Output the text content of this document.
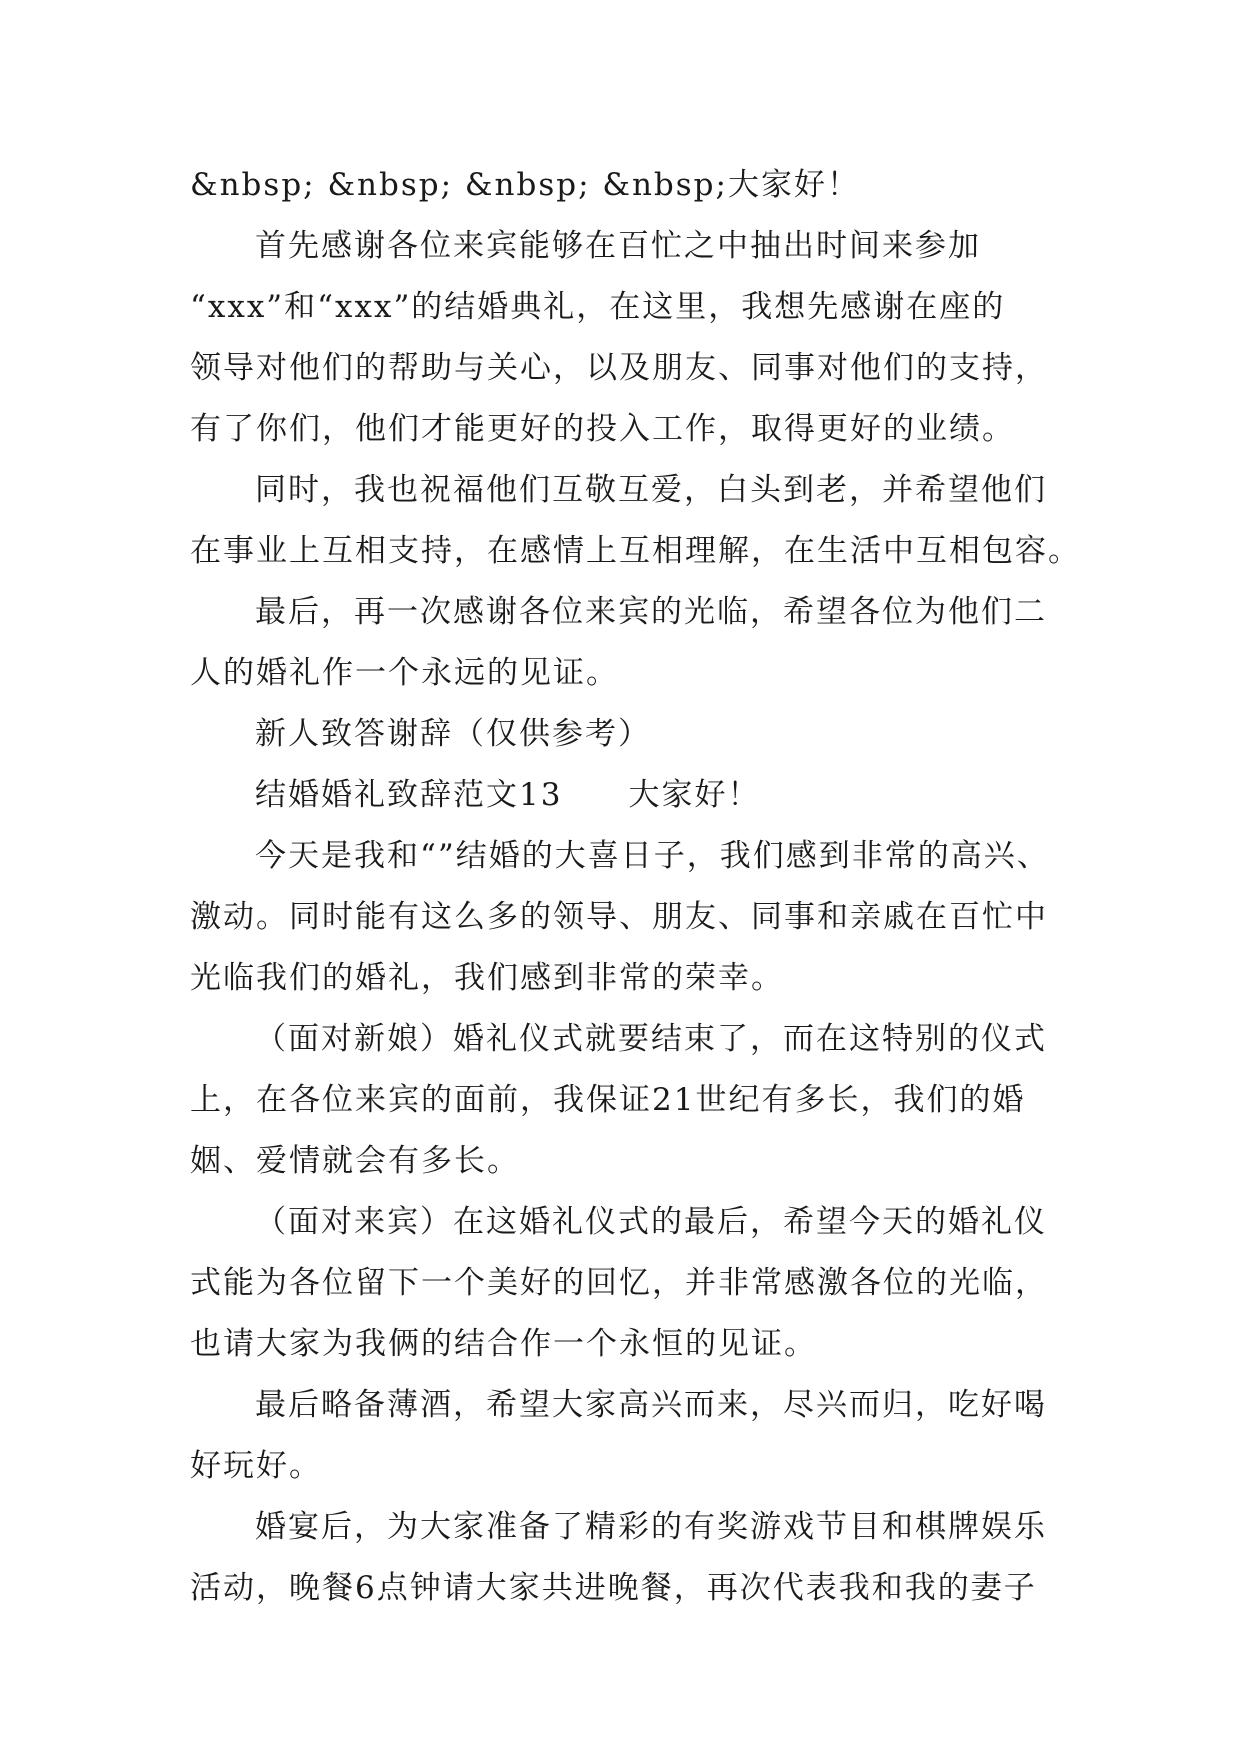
&nbsp; &nbsp; &nbsp; &nbsp;大家好！
首先感谢各位来宾能够在百忙之中抽出时间来参加
“xxx”和“xxx”的结婚典礼，在这里，我想先感谢在座的
领导对他们的帮助与关心，以及朋友、同事对他们的支持，
有了你们，他们才能更好的投入工作，取得更好的业绩。
同时，我也祝福他们互敬互爱，白头到老，并希望他们
在事业上互相支持，在感情上互相理解，在生活中互相包容。
最后，再一次感谢各位来宾的光临，希望各位为他们二
人的婚礼作一个永远的见证。
新人致答谢辞（仅供参考）
结婚婚礼致辞范文13　　大家好！
今天是我和“”结婚的大喜日子，我们感到非常的高兴、
激动。同时能有这么多的领导、朋友、同事和亲戚在百忙中
光临我们的婚礼，我们感到非常的荣幸。
（面对新娘）婚礼仪式就要结束了，而在这特别的仪式
上，在各位来宾的面前，我保证21世纪有多长，我们的婚
姻、爱情就会有多长。
（面对来宾）在这婚礼仪式的最后，希望今天的婚礼仪
式能为各位留下一个美好的回忆，并非常感激各位的光临，
也请大家为我俩的结合作一个永恒的见证。
最后略备薄酒，希望大家高兴而来，尽兴而归，吃好喝
好玩好。
婚宴后，为大家准备了精彩的有奖游戏节目和棋牌娱乐
活动，晚餐6点钟请大家共进晚餐，再次代表我和我的妻子
